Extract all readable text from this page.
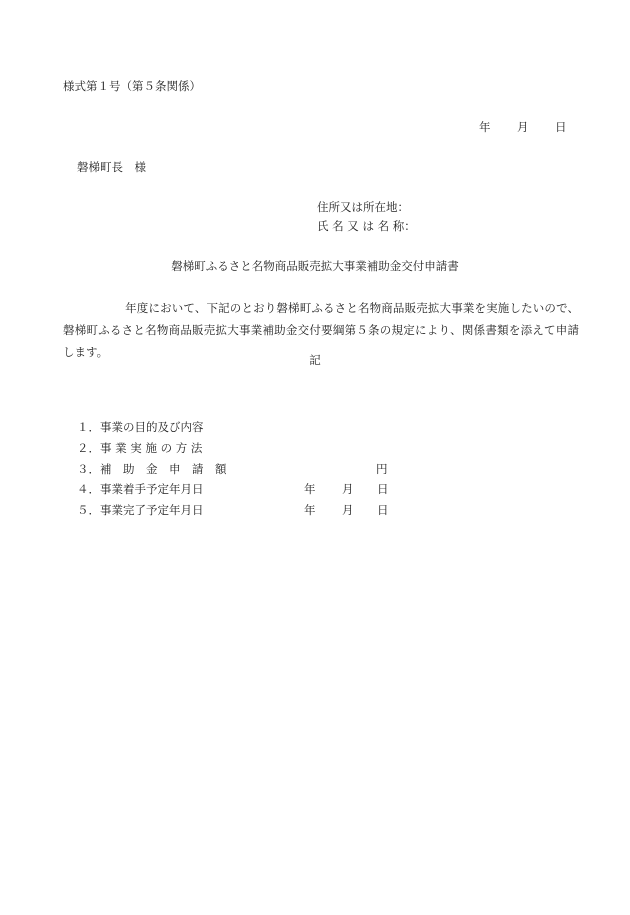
様式第１号（第５条関係）
年 月 日
磐梯町長　様
住所又は所在地：
氏 名 又 は 名 称：
磐梯町ふるさと名物商品販売拡大事業補助金交付申請書
年度において、下記のとおり磐梯町ふるさと名物商品販売拡大事業を実施したいので、磐梯町ふるさと名物商品販売拡大事業補助金交付要綱第５条の規定により、関係書類を添えて申請します。
記
１． 事業の目的及び内容
２． 事 業 実 施 の 方 法
３． 補　助　金　申　請　額	円
４． 事業着手予定年月日	年 月 日
５． 事業完了予定年月日	年 月 日
